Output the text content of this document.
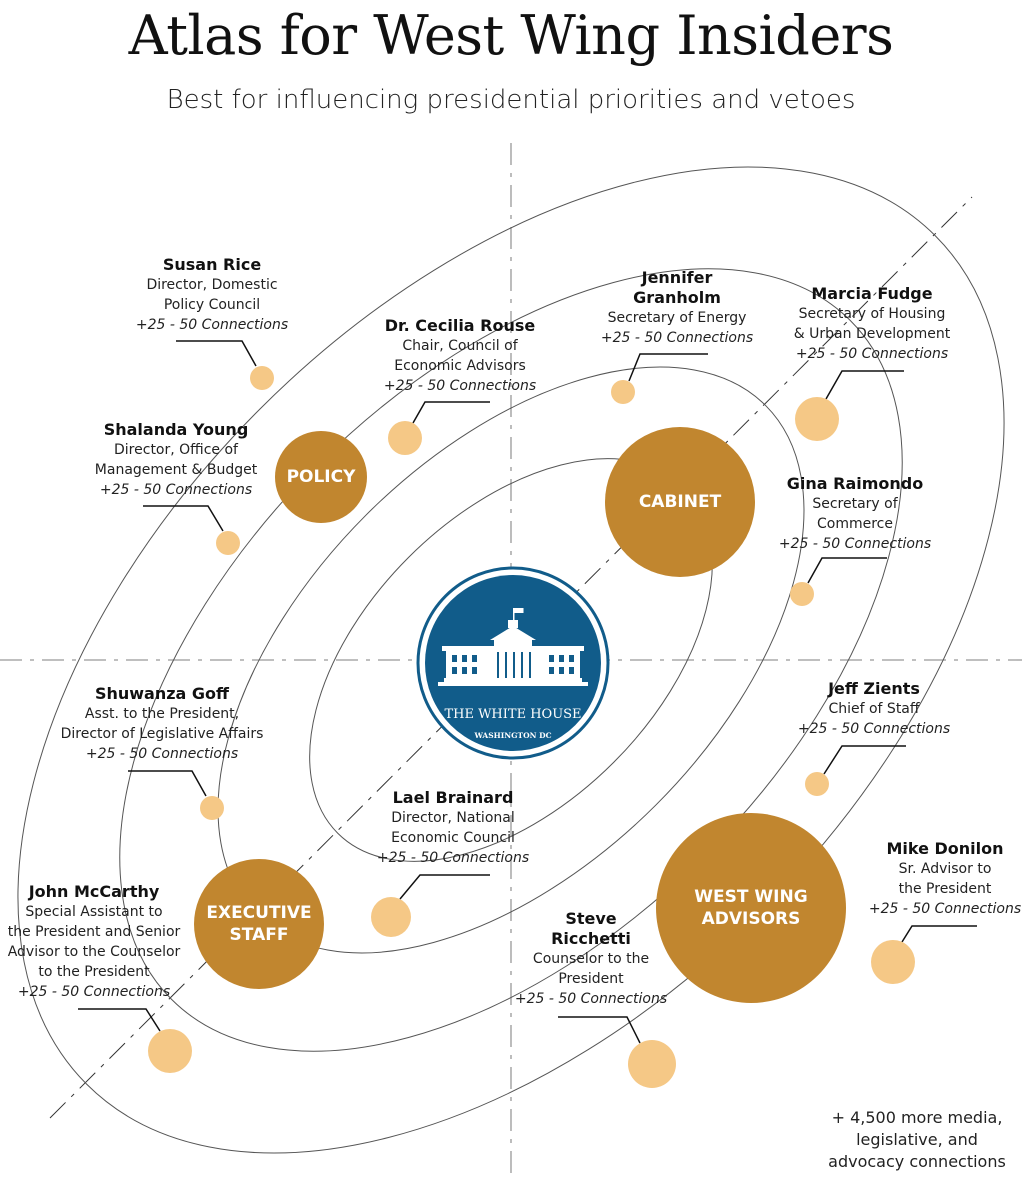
Atlas for West Wing Insiders
Best for influencing presidential priorities and vetoes
THE WHITE HOUSE
WASHINGTON DC
POLICY
CABINET
EXECUTIVE
STAFF
WEST WING
ADVISORS
Susan Rice
Director, Domestic
Policy Council
+25 - 50 Connections	Dr. Cecilia Rouse
Chair, Council of
Economic Advisors
+25 - 50 Connections
Jennifer
Granholm
Secretary of Energy
+25 - 50 Connections
Marcia Fudge
Secretary of Housing
& Urban Development
+25 - 50 Connections
Shalanda Young
Director, Office of
Management & Budget
+25 - 50 Connections	Gina Raimondo
Secretary of
Commerce
+25 - 50 Connections
Shuwanza Goff
Asst. to the President,
Director of Legislative Affairs
+25 - 50 Connections
Jeff Zients
Chief of Staff
+25 - 50 Connections
Lael Brainard
Director, National
Economic Council
+25 - 50 Connections	Mike Donilon
Sr. Advisor to
the President
+25 - 50 Connections
John McCarthy
Special Assistant to
the President and Senior
Advisor to the Counselor
to the President
+25 - 50 Connections
Steve
Ricchetti
Counselor to the
President
+25 - 50 Connections
+ 4,500 more media,
legislative, and
advocacy connections
